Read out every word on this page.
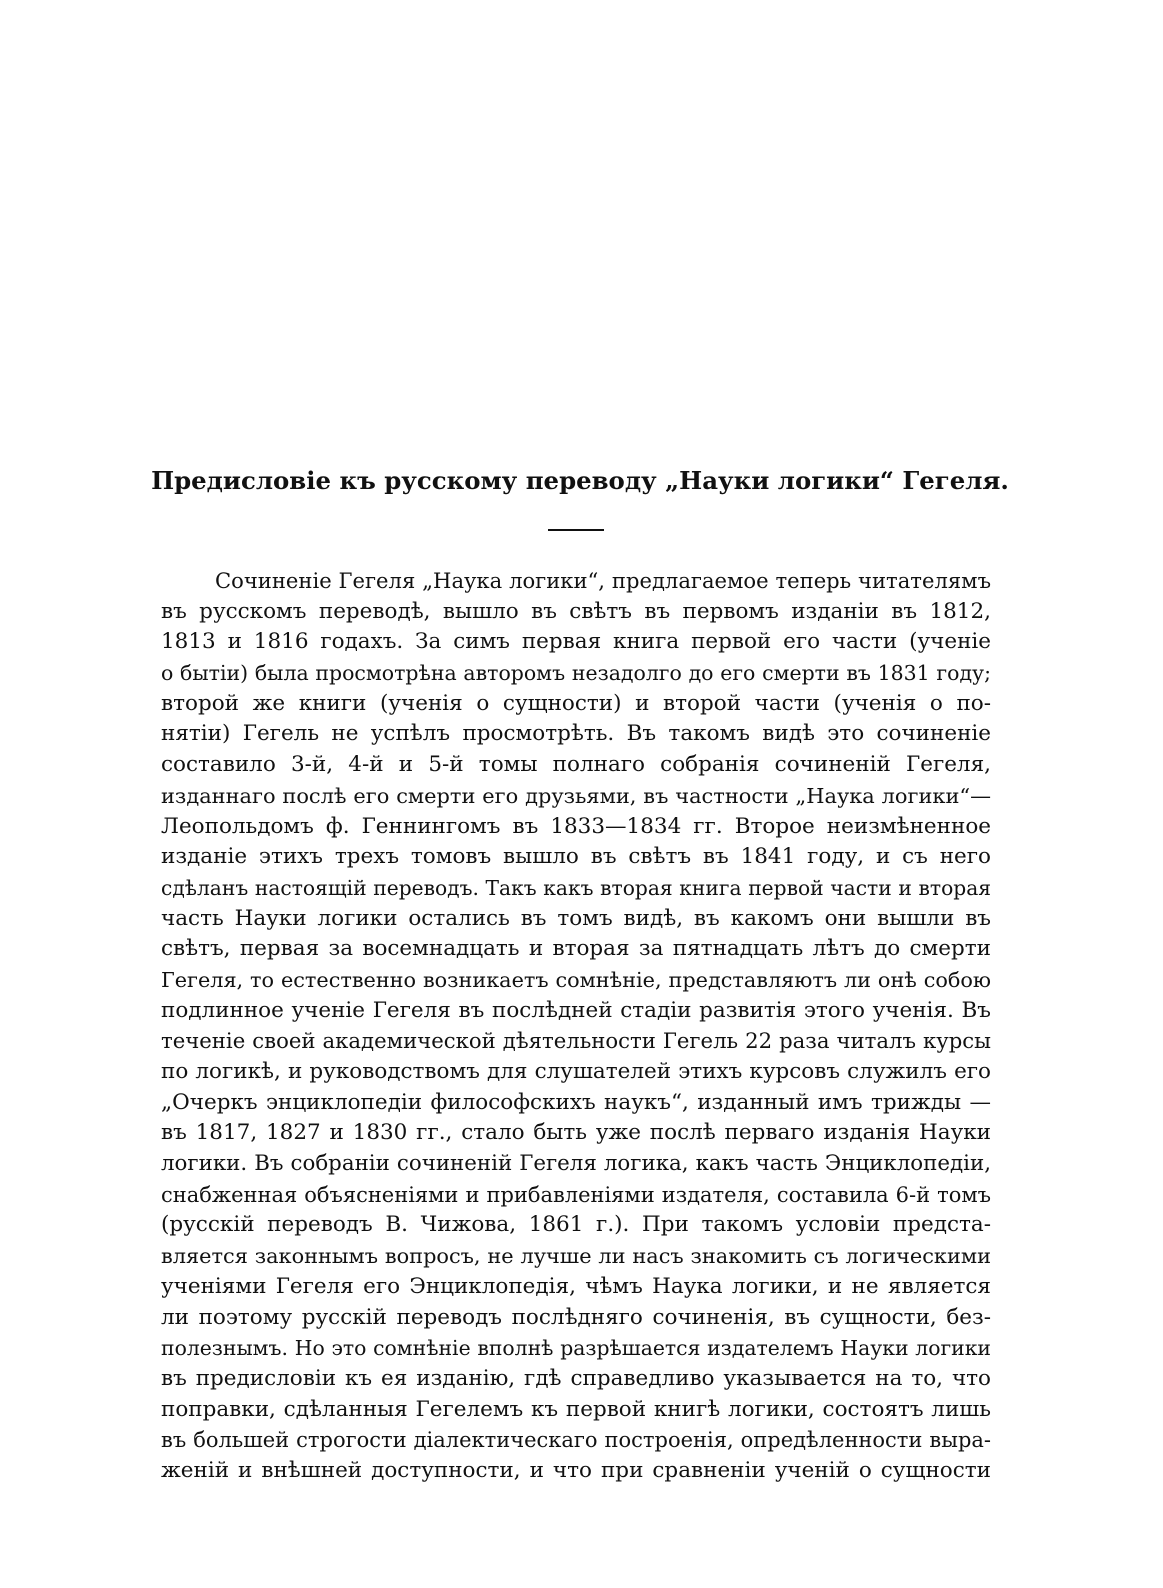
Предисловіе къ русскому переводу „Науки логики“ Гегеля.
Сочиненіе Гегеля „Наука логики“, предлагаемое теперь читателямъ
въ русскомъ переводѣ, вышло въ свѣтъ въ первомъ изданіи въ 1812,
1813 и 1816 годахъ. За симъ первая книга первой его части (ученіе
о бытіи) была просмотрѣна авторомъ незадолго до его смерти въ 1831 году;
второй же книги (ученія о сущности) и второй части (ученія о по-
нятіи) Гегель не успѣлъ просмотрѣть. Въ такомъ видѣ это сочиненіе
составило 3-й, 4-й и 5-й томы полнаго собранія сочиненій Гегеля,
изданнаго послѣ его смерти его друзьями, въ частности „Наука логики“—
Леопольдомъ ф. Геннингомъ въ 1833—1834 гг. Второе неизмѣненное
изданіе этихъ трехъ томовъ вышло въ свѣтъ въ 1841 году, и съ него
сдѣланъ настоящій переводъ. Такъ какъ вторая книга первой части и вторая
часть Науки логики остались въ томъ видѣ, въ какомъ они вышли въ
свѣтъ, первая за восемнадцать и вторая за пятнадцать лѣтъ до смерти
Гегеля, то естественно возникаетъ сомнѣніе, представляютъ ли онѣ собою
подлинное ученіе Гегеля въ послѣдней стадіи развитія этого ученія. Въ
теченіе своей академической дѣятельности Гегель 22 раза читалъ курсы
по логикѣ, и руководствомъ для слушателей этихъ курсовъ служилъ его
„Очеркъ энциклопедіи философскихъ наукъ“, изданный имъ трижды —
въ 1817, 1827 и 1830 гг., стало быть уже послѣ перваго изданія Науки
логики. Въ собраніи сочиненій Гегеля логика, какъ часть Энциклопедіи,
снабженная объясненіями и прибавленіями издателя, составила 6-й томъ
(русскій переводъ В. Чижова, 1861 г.). При такомъ условіи предста-
вляется законнымъ вопросъ, не лучше ли насъ знакомить съ логическими
ученіями Гегеля его Энциклопедія, чѣмъ Наука логики, и не является
ли поэтому русскій переводъ послѣдняго сочиненія, въ сущности, без-
полезнымъ. Но это сомнѣніе вполнѣ разрѣшается издателемъ Науки логики
въ предисловіи къ ея изданію, гдѣ справедливо указывается на то, что
поправки, сдѣланныя Гегелемъ къ первой книгѣ логики, состоятъ лишь
въ большей строгости діалектическаго построенія, опредѣленности выра-
женій и внѣшней доступности, и что при сравненіи ученій о сущности
